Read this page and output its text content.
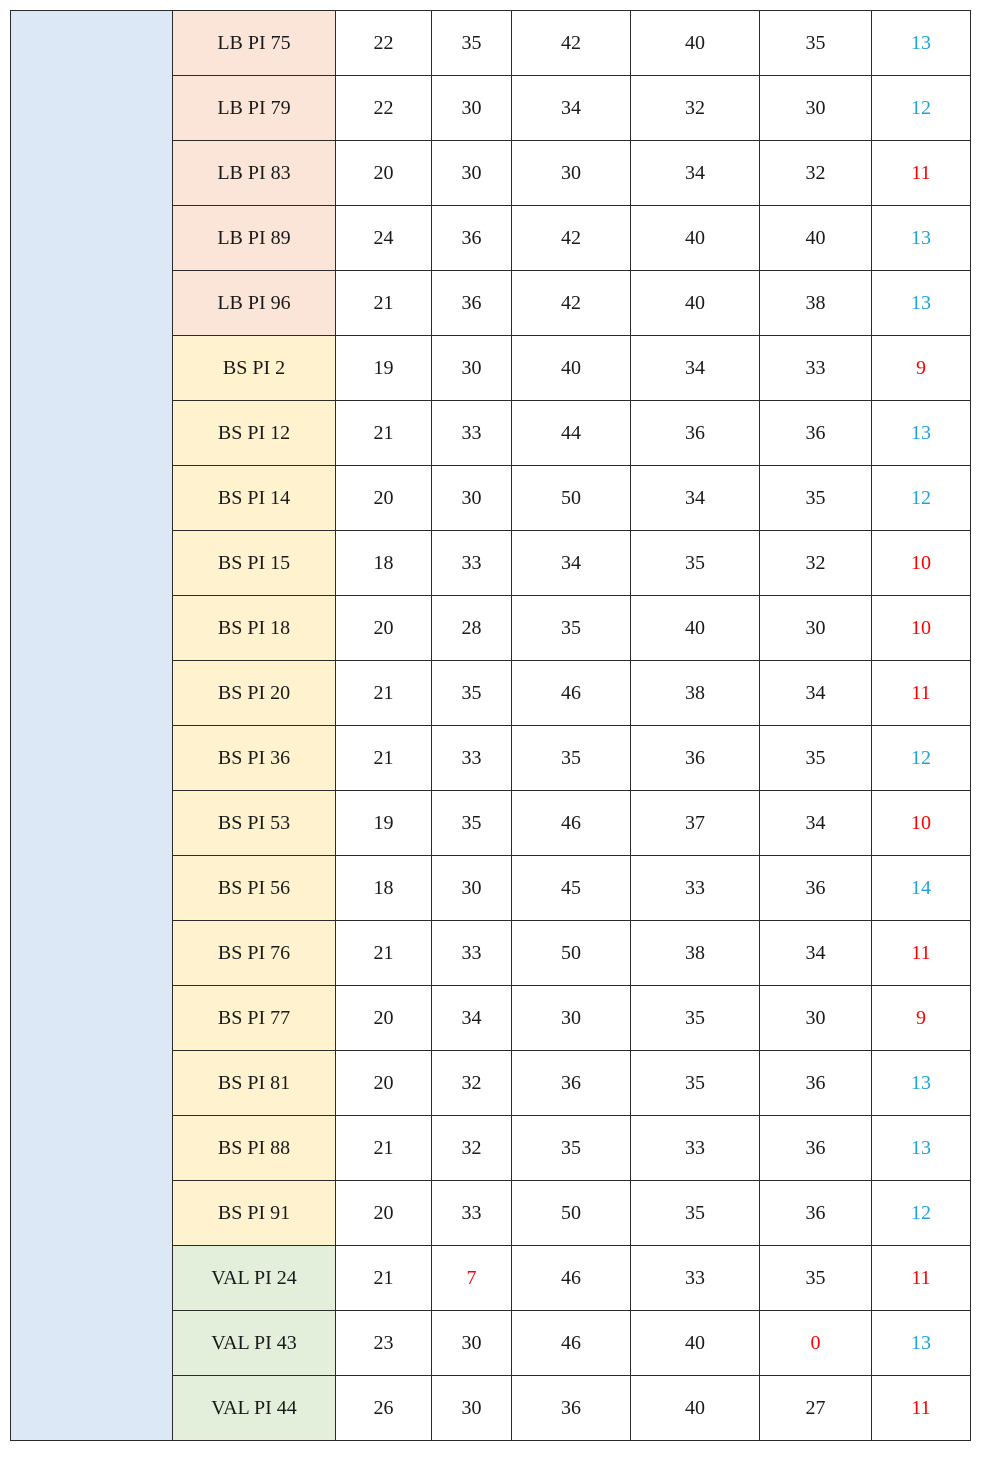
	LB PI 75	22	35	42	40	35	13
	LB PI 79	22	30	34	32	30	12
	LB PI 83	20	30	30	34	32	11
	LB PI 89	24	36	42	40	40	13
	LB PI 96	21	36	42	40	38	13
	BS PI 2	19	30	40	34	33	9
	BS PI 12	21	33	44	36	36	13
	BS PI 14	20	30	50	34	35	12
	BS PI 15	18	33	34	35	32	10
	BS PI 18	20	28	35	40	30	10
	BS PI 20	21	35	46	38	34	11
	BS PI 36	21	33	35	36	35	12
	BS PI 53	19	35	46	37	34	10
	BS PI 56	18	30	45	33	36	14
	BS PI 76	21	33	50	38	34	11
	BS PI 77	20	34	30	35	30	9
	BS PI 81	20	32	36	35	36	13
	BS PI 88	21	32	35	33	36	13
	BS PI 91	20	33	50	35	36	12
	VAL PI 24	21	7	46	33	35	11
	VAL PI 43	23	30	46	40	0	13
	VAL PI 44	26	30	36	40	27	11
